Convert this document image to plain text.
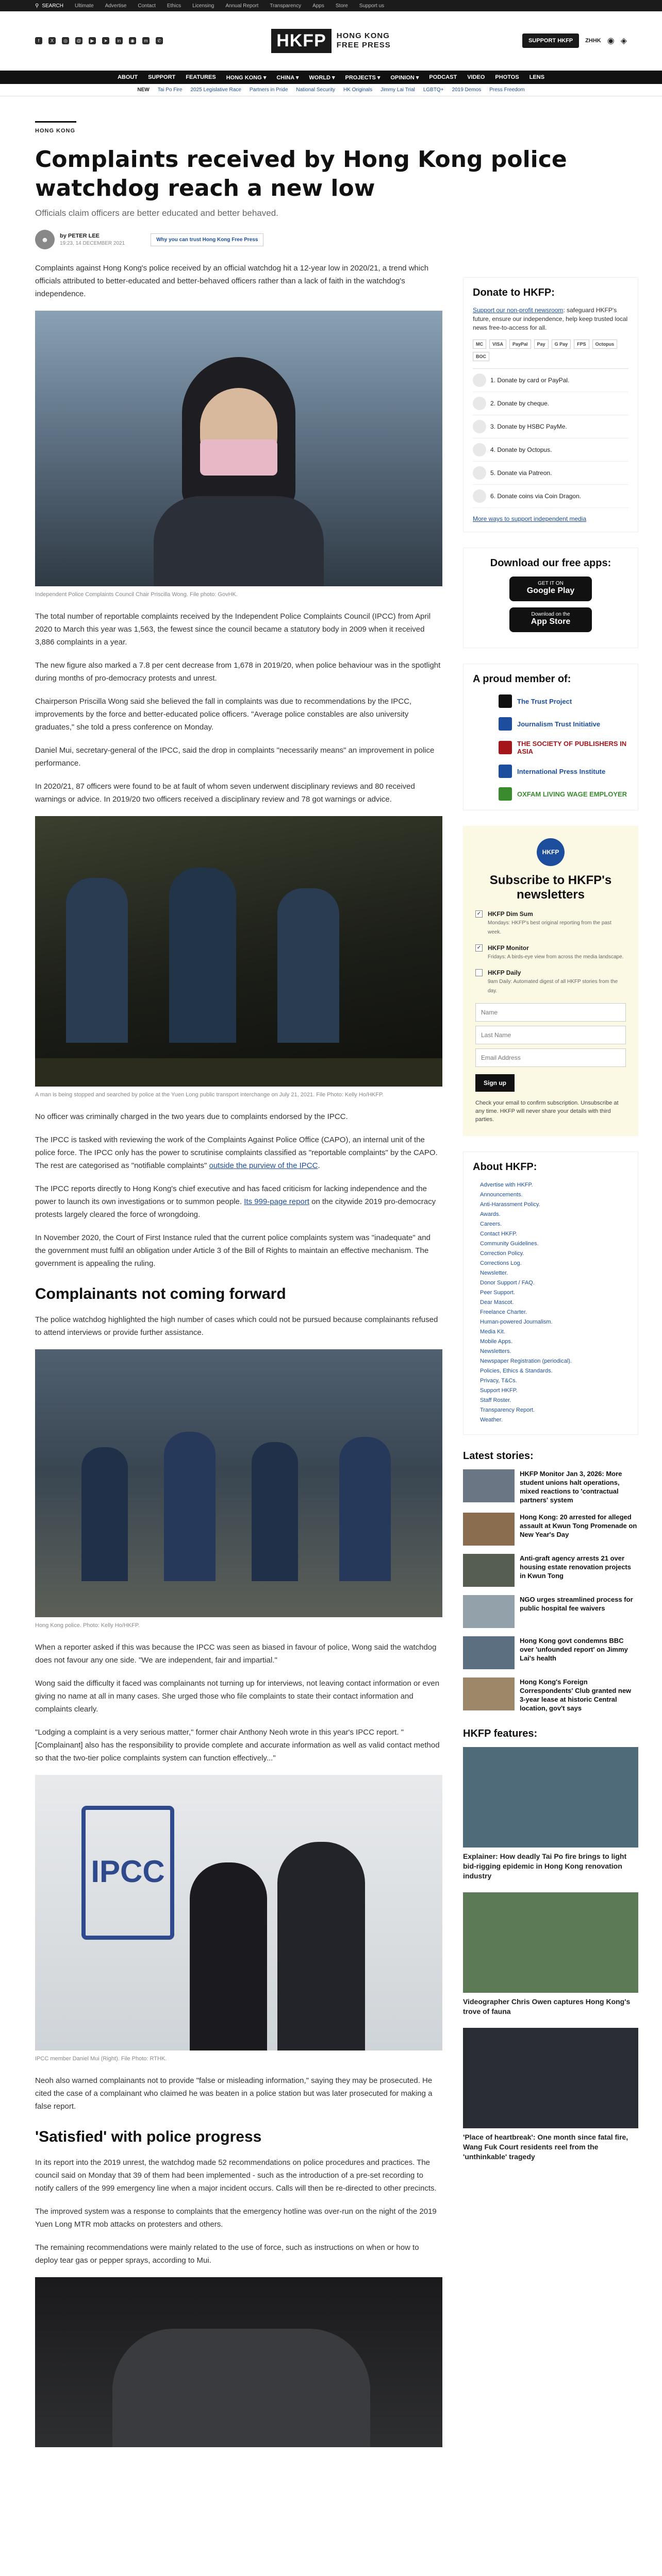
⚲ SEARCH Ultimate Advertise Contact Ethics Licensing Annual Report Transparency Apps Store Support us
f	X	◎	@	▶	➤	in	◉	m	✆	HKFP	HONG KONG
FREE PRESS	SUPPORT HKFP	ZHHK ◉ ◈
ABOUT SUPPORT FEATURES HONG KONG ▾ CHINA ▾ WORLD ▾ PROJECTS ▾ OPINION ▾ PODCAST VIDEO PHOTOS LENS
NEW Tai Po Fire 2025 Legislative Race Partners in Pride National Security HK Originals Jimmy Lai Trial LGBTQ+ 2019 Demos Press Freedom
HONG KONG
Complaints received by Hong Kong police watchdog reach a new low
Officials claim officers are better educated and better behaved.
☻	by PETER LEE
19:23, 14 DECEMBER 2021
Why you can trust Hong Kong Free Press

Complaints against Hong Kong's police received by an official watchdog hit a 12-year low in 2020/21, a trend which officials attributed to better-educated and better-behaved officers rather than a lack of faith in the watchdog's independence.

Independent Police Complaints Council Chair Priscilla Wong. File photo: GovHK.

The total number of reportable complaints received by the Independent Police Complaints Council (IPCC) from April 2020 to March this year was 1,563, the fewest since the council became a statutory body in 2009 when it received 3,886 complaints in a year.

The new figure also marked a 7.8 per cent decrease from 1,678 in 2019/20, when police behaviour was in the spotlight during months of pro-democracy protests and unrest.

Chairperson Priscilla Wong said she believed the fall in complaints was due to recommendations by the IPCC, improvements by the force and better-educated police officers. "Average police constables are also university graduates," she told a press conference on Monday.

Daniel Mui, secretary-general of the IPCC, said the drop in complaints "necessarily means" an improvement in police performance.

In 2020/21, 87 officers were found to be at fault of whom seven underwent disciplinary reviews and 80 received warnings or advice. In 2019/20 two officers received a disciplinary review and 78 got warnings or advice.

A man is being stopped and searched by police at the Yuen Long public transport interchange on July 21, 2021. File Photo: Kelly Ho/HKFP.

No officer was criminally charged in the two years due to complaints endorsed by the IPCC.

The IPCC is tasked with reviewing the work of the Complaints Against Police Office (CAPO), an internal unit of the police force. The IPCC only has the power to scrutinise complaints classified as "reportable complaints" by the CAPO. The rest are categorised as "notifiable complaints" outside the purview of the IPCC.

The IPCC reports directly to Hong Kong's chief executive and has faced criticism for lacking independence and the power to launch its own investigations or to summon people. Its 999-page report on the citywide 2019 pro-democracy protests largely cleared the force of wrongdoing.

In November 2020, the Court of First Instance ruled that the current police complaints system was "inadequate" and the government must fulfil an obligation under Article 3 of the Bill of Rights to maintain an effective mechanism. The government is appealing the ruling.

Complainants not coming forward

The police watchdog highlighted the high number of cases which could not be pursued because complainants refused to attend interviews or provide further assistance.

Hong Kong police. Photo: Kelly Ho/HKFP.

When a reporter asked if this was because the IPCC was seen as biased in favour of police, Wong said the watchdog does not favour any one side. "We are independent, fair and impartial."

Wong said the difficulty it faced was complainants not turning up for interviews, not leaving contact information or even giving no name at all in many cases. She urged those who file complaints to state their contact information and complaints clearly.

"Lodging a complaint is a very serious matter," former chair Anthony Neoh wrote in this year's IPCC report. "[Complainant] also has the responsibility to provide complete and accurate information as well as valid contact method so that the two-tier police complaints system can function effectively..."

IPCC
IPCC member Daniel Mui (Right). File Photo: RTHK.

Neoh also warned complainants not to provide "false or misleading information," saying they may be prosecuted. He cited the case of a complainant who claimed he was beaten in a police station but was later prosecuted for making a false report.

'Satisfied' with police progress

In its report into the 2019 unrest, the watchdog made 52 recommendations on police procedures and practices. The council said on Monday that 39 of them had been implemented - such as the introduction of a pre-set recording to notify callers of the 999 emergency line when a major incident occurs. Calls will then be re-directed to other precincts.

The improved system was a response to complaints that the emergency hotline was over-run on the night of the 2019 Yuen Long MTR mob attacks on protesters and others.

The remaining recommendations were mainly related to the use of force, such as instructions on when or how to deploy tear gas or pepper sprays, according to Mui.

Donate to HKFP:
Support our non-profit newsroom: safeguard HKFP's future, ensure our independence, help keep trusted local news free-to-access for all.
MC	VISA	PayPal	Pay	G Pay	FPS	Octopus
BOC
1. Donate by card or PayPal.
2. Donate by cheque.
3. Donate by HSBC PayMe.
4. Donate by Octopus.
5. Donate via Patreon.
6. Donate coins via Coin Dragon.
More ways to support independent media
Download our free apps:
GET IT ON
Google Play
Download on the
App Store
A proud member of:
The Trust Project
Journalism Trust Initiative
THE SOCIETY OF PUBLISHERS IN ASIA
International Press Institute
OXFAM LIVING WAGE EMPLOYER
HKFP
Subscribe to HKFP's newsletters
✓ HKFP Dim Sum
Mondays: HKFP's best original reporting from the past week.
✓ HKFP Monitor
Fridays: A birds-eye view from across the media landscape.
HKFP Daily
9am Daily: Automated digest of all HKFP stories from the day.
Name Last Name Email Address Sign up
Check your email to confirm subscription. Unsubscribe at any time. HKFP will never share your details with third parties.
About HKFP:
Advertise with HKFP.
Announcements.
Anti-Harassment Policy.
Awards.
Careers.
Contact HKFP.
Community Guidelines.
Correction Policy.
Corrections Log.
Newsletter.
Donor Support / FAQ.
Peer Support.
Dear Mascot.
Freelance Charter.
Human-powered Journalism.
Media Kit.
Mobile Apps.
Newsletters.
Newspaper Registration (periodical).
Policies, Ethics & Standards.
Privacy, T&Cs.
Support HKFP.
Staff Roster.
Transparency Report.
Weather.
Latest stories:
HKFP Monitor Jan 3, 2026: More student unions halt operations, mixed reactions to 'contractual partners' system
Hong Kong: 20 arrested for alleged assault at Kwun Tong Promenade on New Year's Day
Anti-graft agency arrests 21 over housing estate renovation projects in Kwun Tong
NGO urges streamlined process for public hospital fee waivers
Hong Kong govt condemns BBC over 'unfounded report' on Jimmy Lai's health
Hong Kong's Foreign Correspondents' Club granted new 3-year lease at historic Central location, gov't says
HKFP features:
Explainer: How deadly Tai Po fire brings to light bid-rigging epidemic in Hong Kong renovation industry
Videographer Chris Owen captures Hong Kong's trove of fauna
'Place of heartbreak': One month since fatal fire, Wang Fuk Court residents reel from the 'unthinkable' tragedy
